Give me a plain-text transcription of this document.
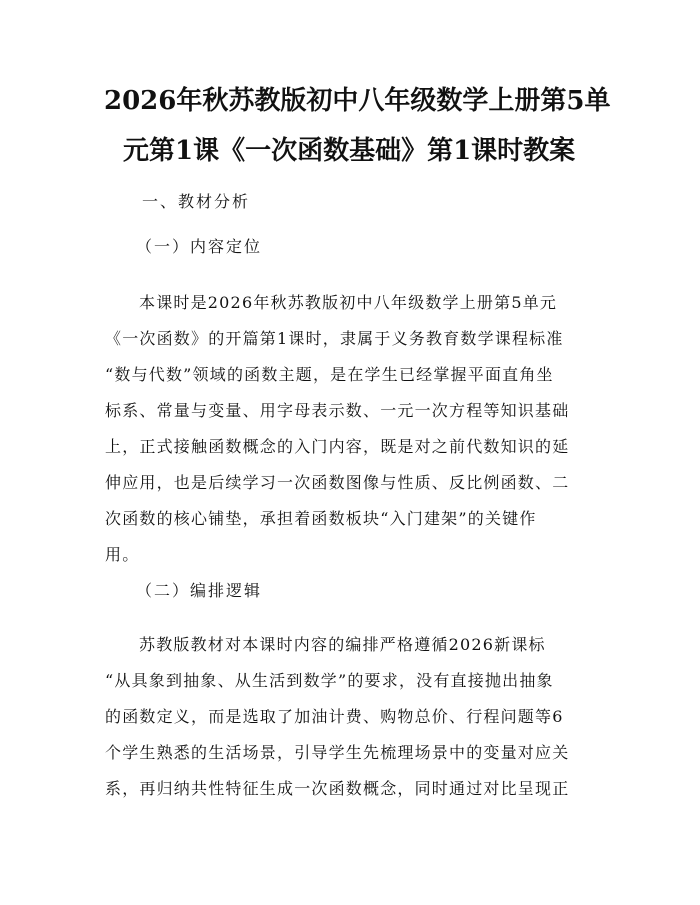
2026年秋苏教版初中八年级数学上册第5单
元第1课《一次函数基础》第1课时教案

一、教材分析

（一）内容定位

本课时是2026年秋苏教版初中八年级数学上册第5单元
《一次函数》的开篇第1课时，隶属于义务教育数学课程标准
“数与代数”领域的函数主题，是在学生已经掌握平面直角坐
标系、常量与变量、用字母表示数、一元一次方程等知识基础
上，正式接触函数概念的入门内容，既是对之前代数知识的延
伸应用，也是后续学习一次函数图像与性质、反比例函数、二
次函数的核心铺垫，承担着函数板块“入门建架”的关键作
用。

（二）编排逻辑

苏教版教材对本课时内容的编排严格遵循2026新课标
“从具象到抽象、从生活到数学”的要求，没有直接抛出抽象
的函数定义，而是选取了加油计费、购物总价、行程问题等6
个学生熟悉的生活场景，引导学生先梳理场景中的变量对应关
系，再归纳共性特征生成一次函数概念，同时通过对比呈现正
